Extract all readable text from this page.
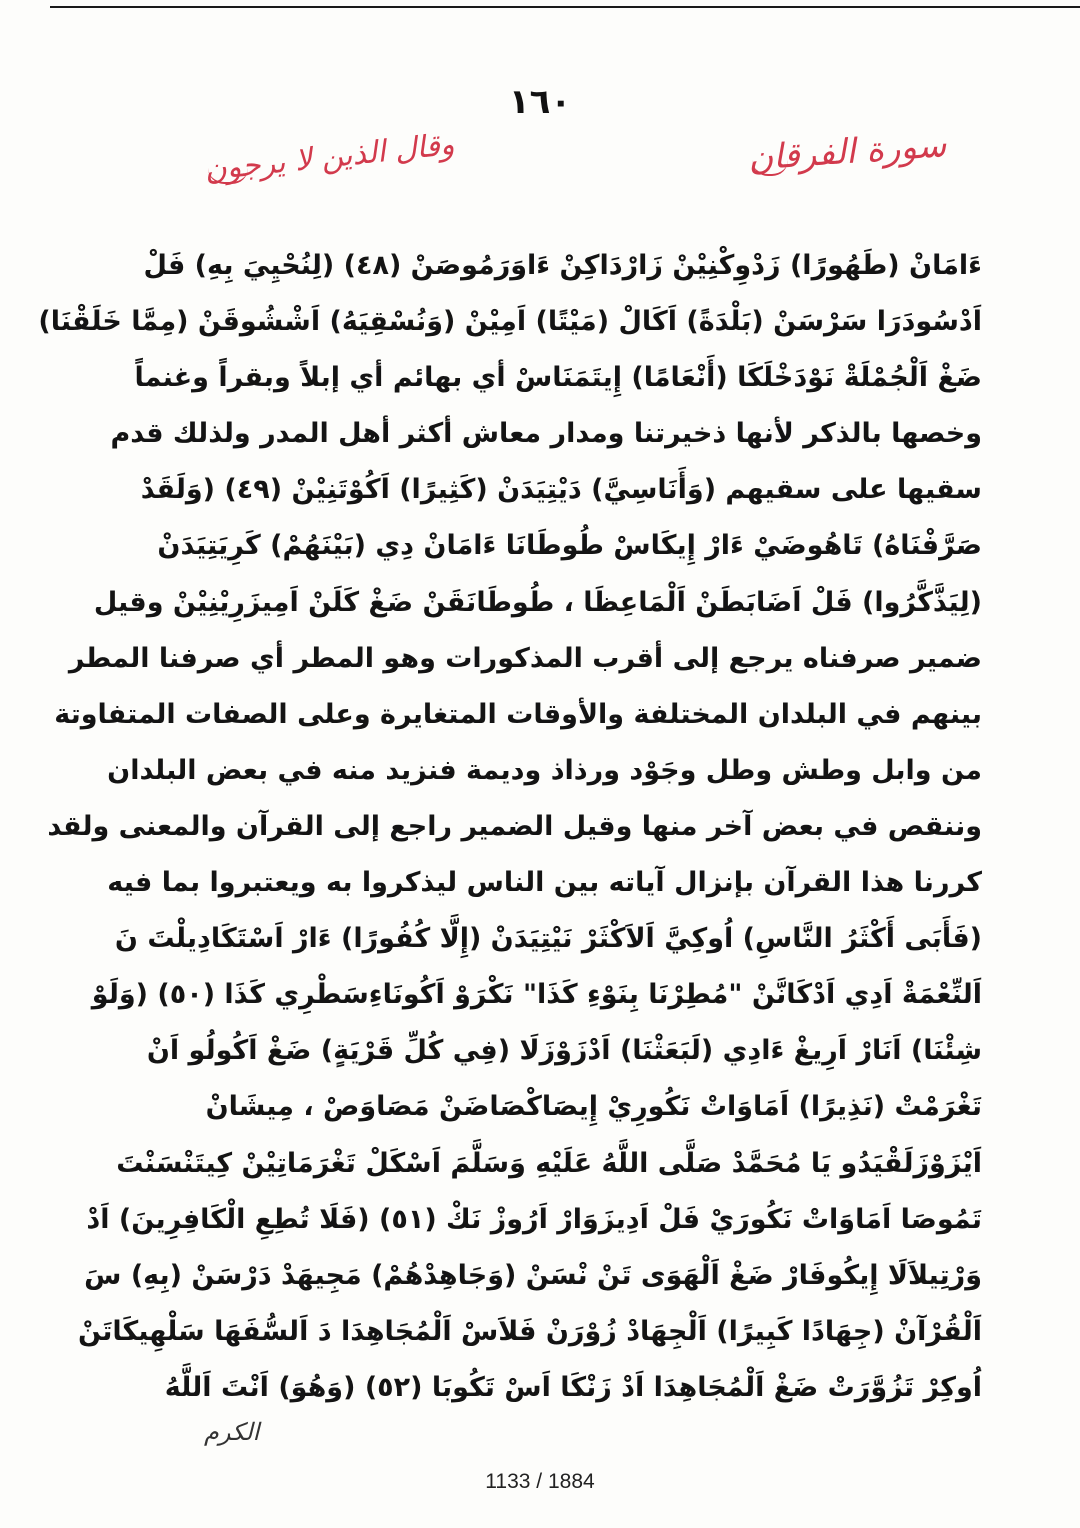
١٦٠
سورة الفرقان
وقال الذين لا يرجون
ءَامَانْ (طَهُورًا) زَدْوِكْنِيْنْ زَارْدَاكِنْ ءَاوَرَمُوصَنْ (٤٨) (لِنُحْيِيَ بِهِ) فَلْ
اَدْسُودَرَا سَرْسَنْ (بَلْدَةً) اَكَالْ (مَيْتًا) اَمِيْنْ (وَنُسْقِيَهُ) اَشْشُوقَنْ (مِمَّا خَلَقْنَا)
ضَغْ اَلْجُمْلَةْ نَوْدَخْلَكَا (أَنْعَامًا) إِيتَمَنَاسْ أي بهائم أي إبلاً وبقراً وغنماً
وخصها بالذكر لأنها ذخيرتنا ومدار معاش أكثر أهل المدر ولذلك قدم
سقيها على سقيهم (وَأَنَاسِيَّ) دَيْتِيَدَنْ (كَثِيرًا) اَكُوْتَنِيْنْ (٤٩) (وَلَقَدْ
صَرَّفْنَاهُ) تَاهُوضَيْ ءَارْ إِيكَاسْ طُوطَانَا ءَامَانْ دِي (بَيْنَهُمْ) كَرِيَتِيَدَنْ
(لِيَذَّكَّرُوا) فَلْ اَضَابَطَنْ اَلْمَاعِظَا ، طُوطَانَقَنْ ضَغْ كَلَنْ اَمِيزَرِيْنِيْنْ وقيل
ضمير صرفناه يرجع إلى أقرب المذكورات وهو المطر أي صرفنا المطر
بينهم في البلدان المختلفة والأوقات المتغايرة وعلى الصفات المتفاوتة
من وابل وطش وطل وجَوْد ورذاذ وديمة فنزيد منه في بعض البلدان
وننقص في بعض آخر منها وقيل الضمير راجع إلى القرآن والمعنى ولقد
كررنا هذا القرآن بإنزال آياته بين الناس ليذكروا به ويعتبروا بما فيه
(فَأَبَى أَكْثَرُ النَّاسِ) اُوكِيَّ اَلاَكْثَرْ نَيْتِيَدَنْ (إِلَّا كُفُورًا) ءَارْ اَسْتَكَادِيلْتَ نَ
اَلنِّعْمَةْ اَدِي اَدْكَانَّنْ "مُطِرْنَا بِنَوْءِ كَذَا" نَكْرَوْ اَكُونَاءِسَطْرِي كَذَا (٥٠) (وَلَوْ
شِئْنَا) اَنَارْ اَرِيغْ ءَادِي (لَبَعَثْنَا) اَدْزَوْزَلَا (فِي كُلِّ قَرْيَةٍ) ضَغْ اَكُولُو اَنْ
تَغْرَمْتْ (نَذِيرًا) اَمَاوَاتْ نَكُورِيْ إِيصَاكْصَاضَنْ مَصَاوَصْ ، مِيشَانْ
اَيْزَوْزَلَقْيَدُو يَا مُحَمَّدْ صَلَّى اللَّهُ عَلَيْهِ وَسَلَّمَ اَسْكَلْ تَغْرَمَاتِيْنْ كِيتَنْسَنْتَ
تَمُوصَا اَمَاوَاتْ نَكُورَيْ فَلْ اَدِيزَوَارْ اَرُوزْ نَكْ (٥١) (فَلَا تُطِعِ الْكَافِرِينَ) اَدْ
وَرْتِيلاَلَا إِيكُوفَارْ ضَغْ اَلْهَوَى تَنْ نْسَنْ (وَجَاهِدْهُمْ) مَجِيهَدْ دَرْسَنْ (بِهِ) سَ
اَلْقُرْآنْ (جِهَادًا كَبِيرًا) اَلْجِهَادْ زُوْرَنْ فَلاَسْ اَلْمُجَاهِدَا دَ اَلسُّفَهَا سَلْهِيكَاتَنْ
اُوكِرْ تَزُوَّرَتْ ضَغْ اَلْمُجَاهِدَا اَدْ زَنْكَا اَسْ تَكُوبَا (٥٢) (وَهُوَ) اَنْتَ اَللَّهُ
الكرم
1133 / 1884
